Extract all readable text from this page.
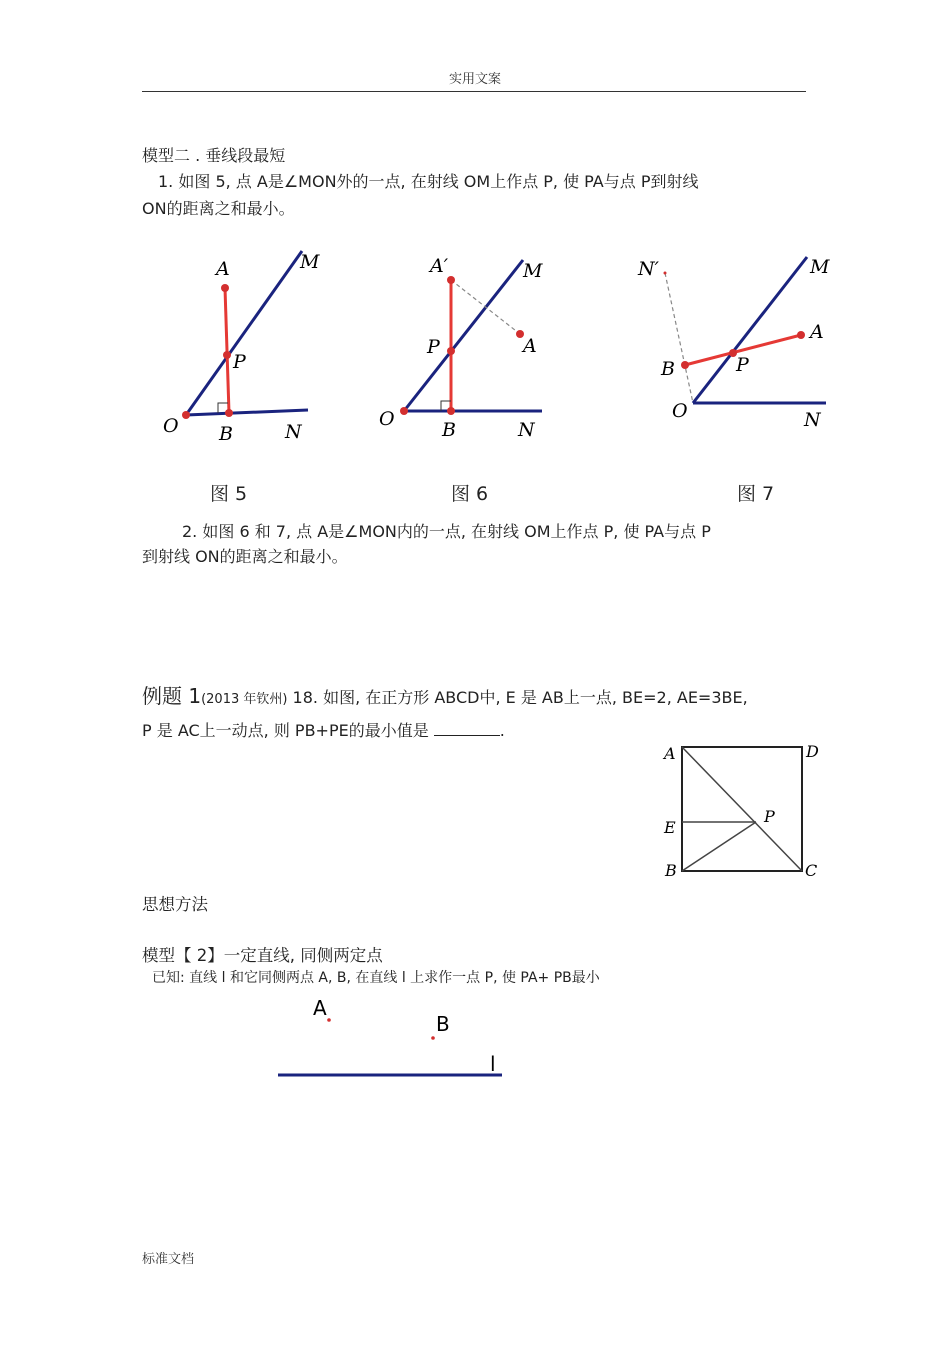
实用文案
模型二 . 垂线段最短
1. 如图 5, 点 A是∠MON外的一点, 在射线 OM上作点 P, 使 PA与点 P到射线
ON的距离之和最小。
A	M
P
O B	N
A′	M
P	A
O B	N
N′	M
A
B	P
O	N
图 5	图 6	图 7
2. 如图 6 和 7, 点 A是∠MON内的一点, 在射线 OM上作点 P, 使 PA与点 P
到射线 ON的距离之和最小。
例题 1(2013 年钦州) 18. 如图, 在正方形 ABCD中, E 是 AB上一点, BE=2, AE=3BE,
P 是 AC上一动点, 则 PB+PE的最小值是	.
A	D
P
E
B	C
思想方法
模型【 2】一定直线, 同侧两定点
已知: 直线 l 和它同侧两点 A, B, 在直线 l 上求作一点 P, 使 PA+ PB最小
A
B
l
标准文档
